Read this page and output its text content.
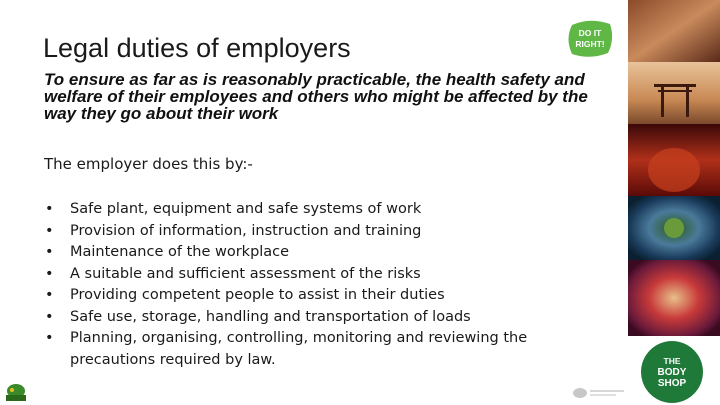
Legal duties of employers	DO IT
RIGHT!

To ensure as far as is reasonably practicable, the health safety and welfare of their employees and others who might be affected by the way they go about their work

The employer does this by:-

• Safe plant, equipment and safe systems of work
• Provision of information, instruction and training
• Maintenance of the workplace
• A suitable and sufficient assessment of the risks
• Providing competent people to assist in their duties
• Safe use, storage, handling and transportation of loads
• Planning, organising, controlling, monitoring and reviewing the precautions required by law.	THE
BODY
SHOP
